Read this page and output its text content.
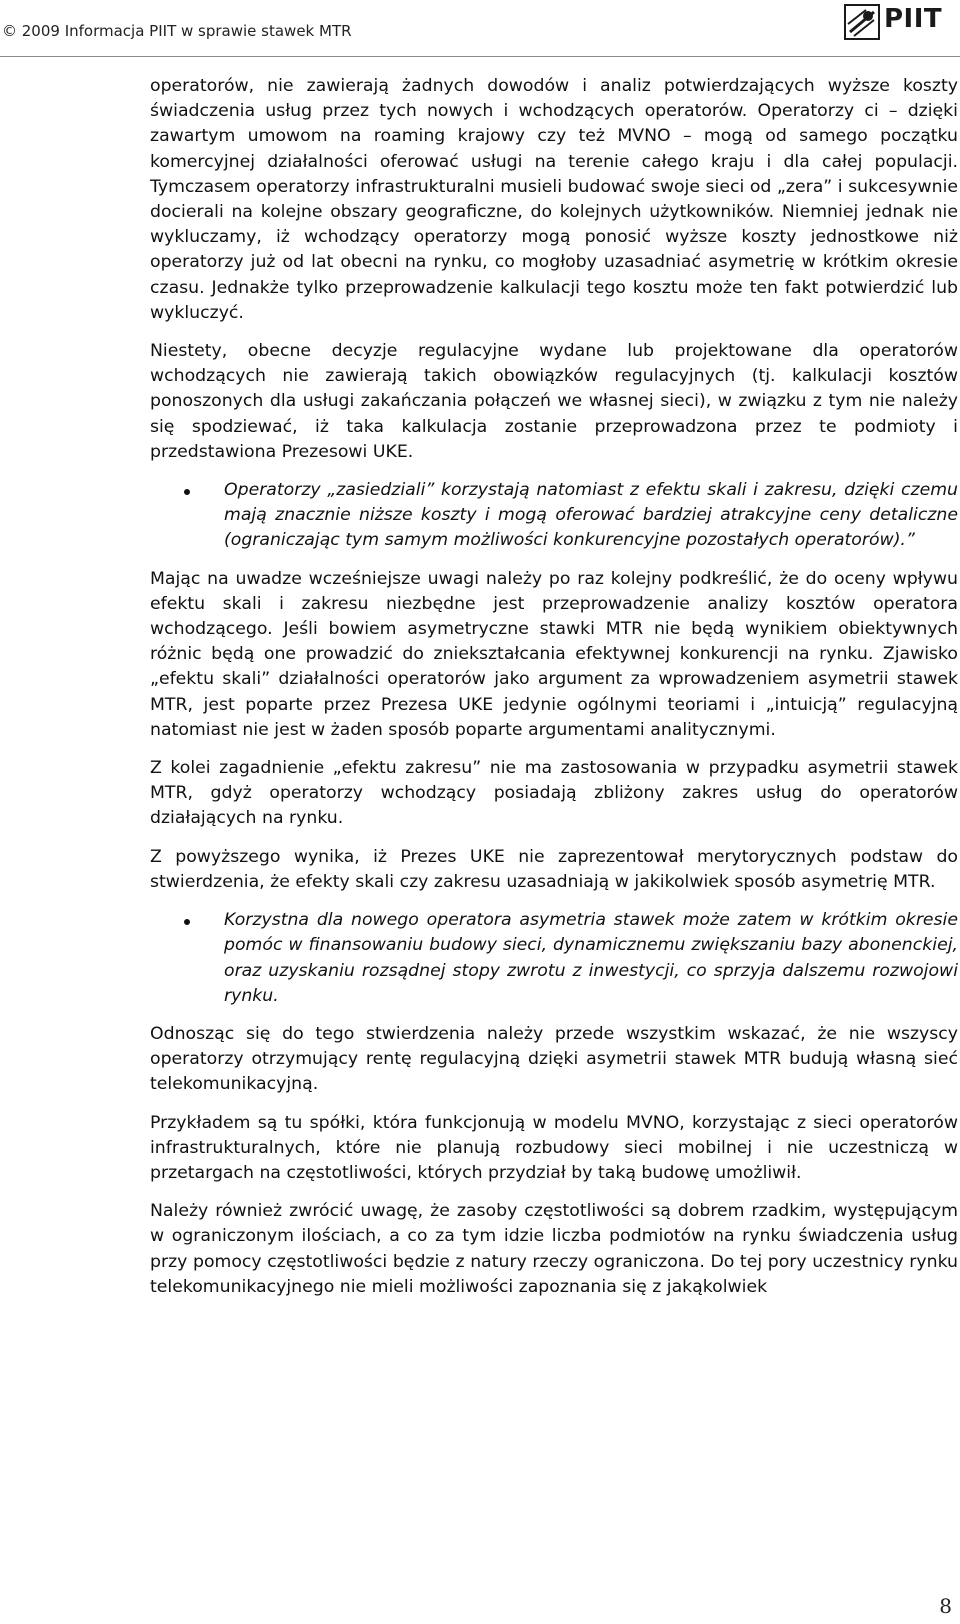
© 2009 Informacja PIIT w sprawie stawek MTR	PIIT

operatorów, nie zawierają żadnych dowodów i analiz potwierdzających wyższe koszty świadczenia usług przez tych nowych i wchodzących operatorów. Operatorzy ci – dzięki zawartym umowom na roaming krajowy czy też MVNO – mogą od samego początku komercyjnej działalności oferować usługi na terenie całego kraju i dla całej populacji. Tymczasem operatorzy infrastrukturalni musieli budować swoje sieci od „zera” i sukcesywnie docierali na kolejne obszary geograficzne, do kolejnych użytkowników. Niemniej jednak nie wykluczamy, iż wchodzący operatorzy mogą ponosić wyższe koszty jednostkowe niż operatorzy już od lat obecni na rynku, co mogłoby uzasadniać asymetrię w krótkim okresie czasu. Jednakże tylko przeprowadzenie kalkulacji tego kosztu może ten fakt potwierdzić lub wykluczyć.

Niestety, obecne decyzje regulacyjne wydane lub projektowane dla operatorów wchodzących nie zawierają takich obowiązków regulacyjnych (tj. kalkulacji kosztów ponoszonych dla usługi zakańczania połączeń we własnej sieci), w związku z tym nie należy się spodziewać, iż taka kalkulacja zostanie przeprowadzona przez te podmioty i przedstawiona Prezesowi UKE.

Operatorzy „zasiedziali” korzystają natomiast z efektu skali i zakresu, dzięki czemu mają znacznie niższe koszty i mogą oferować bardziej atrakcyjne ceny detaliczne (ograniczając tym samym możliwości konkurencyjne pozostałych operatorów).”

Mając na uwadze wcześniejsze uwagi należy po raz kolejny podkreślić, że do oceny wpływu efektu skali i zakresu niezbędne jest przeprowadzenie analizy kosztów operatora wchodzącego. Jeśli bowiem asymetryczne stawki MTR nie będą wynikiem obiektywnych różnic będą one prowadzić do zniekształcania efektywnej konkurencji na rynku. Zjawisko „efektu skali” działalności operatorów jako argument za wprowadzeniem asymetrii stawek MTR, jest poparte przez Prezesa UKE jedynie ogólnymi teoriami i „intuicją” regulacyjną natomiast nie jest w żaden sposób poparte argumentami analitycznymi.

Z kolei zagadnienie „efektu zakresu” nie ma zastosowania w przypadku asymetrii stawek MTR, gdyż operatorzy wchodzący posiadają zbliżony zakres usług do operatorów działających na rynku.

Z powyższego wynika, iż Prezes UKE nie zaprezentował merytorycznych podstaw do stwierdzenia, że efekty skali czy zakresu uzasadniają w jakikolwiek sposób asymetrię MTR.

Korzystna dla nowego operatora asymetria stawek może zatem w krótkim okresie pomóc w finansowaniu budowy sieci, dynamicznemu zwiększaniu bazy abonenckiej, oraz uzyskaniu rozsądnej stopy zwrotu z inwestycji, co sprzyja dalszemu rozwojowi rynku.

Odnosząc się do tego stwierdzenia należy przede wszystkim wskazać, że nie wszyscy operatorzy otrzymujący rentę regulacyjną dzięki asymetrii stawek MTR budują własną sieć telekomunikacyjną.

Przykładem są tu spółki, która funkcjonują w modelu MVNO, korzystając z sieci operatorów infrastrukturalnych, które nie planują rozbudowy sieci mobilnej i nie uczestniczą w przetargach na częstotliwości, których przydział by taką budowę umożliwił.

Należy również zwrócić uwagę, że zasoby częstotliwości są dobrem rzadkim, występującym w ograniczonym ilościach, a co za tym idzie liczba podmiotów na rynku świadczenia usług przy pomocy częstotliwości będzie z natury rzeczy ograniczona. Do tej pory uczestnicy rynku telekomunikacyjnego nie mieli możliwości zapoznania się z jakąkolwiek

8
